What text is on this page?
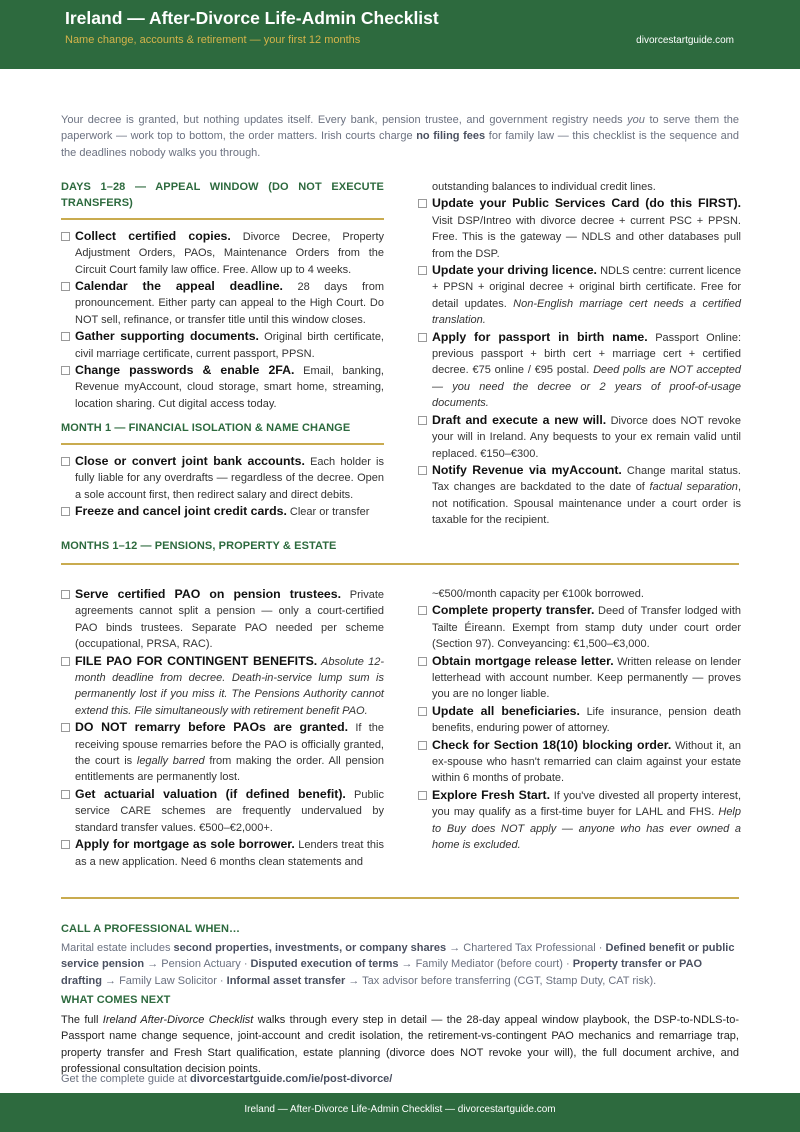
Ireland — After-Divorce Life-Admin Checklist
Name change, accounts & retirement — your first 12 months	divorcestartguide.com
Your decree is granted, but nothing updates itself. Every bank, pension trustee, and government registry needs you to serve them the paperwork — work top to bottom, the order matters. Irish courts charge no filing fees for family law — this checklist is the sequence and the deadlines nobody walks you through.
DAYS 1–28 — APPEAL WINDOW (DO NOT EXECUTE TRANSFERS)
Collect certified copies. Divorce Decree, Property Adjustment Orders, PAOs, Maintenance Orders from the Circuit Court family law office. Free. Allow up to 4 weeks.
Calendar the appeal deadline. 28 days from pronouncement. Either party can appeal to the High Court. Do NOT sell, refinance, or transfer title until this window closes.
Gather supporting documents. Original birth certificate, civil marriage certificate, current passport, PPSN.
Change passwords & enable 2FA. Email, banking, Revenue myAccount, cloud storage, smart home, streaming, location sharing. Cut digital access today.
MONTH 1 — FINANCIAL ISOLATION & NAME CHANGE
Close or convert joint bank accounts. Each holder is fully liable for any overdrafts — regardless of the decree. Open a sole account first, then redirect salary and direct debits.
Freeze and cancel joint credit cards. Clear or transfer
outstanding balances to individual credit lines.
Update your Public Services Card (do this FIRST). Visit DSP/Intreo with divorce decree + current PSC + PPSN. Free. This is the gateway — NDLS and other databases pull from the DSP.
Update your driving licence. NDLS centre: current licence + PPSN + original decree + original birth certificate. Free for detail updates. Non-English marriage cert needs a certified translation.
Apply for passport in birth name. Passport Online: previous passport + birth cert + marriage cert + certified decree. €75 online / €95 postal. Deed polls are NOT accepted — you need the decree or 2 years of proof-of-usage documents.
Draft and execute a new will. Divorce does NOT revoke your will in Ireland. Any bequests to your ex remain valid until replaced. €150–€300.
Notify Revenue via myAccount. Change marital status. Tax changes are backdated to the date of factual separation, not notification. Spousal maintenance under a court order is taxable for the recipient.
MONTHS 1–12 — PENSIONS, PROPERTY & ESTATE
Serve certified PAO on pension trustees. Private agreements cannot split a pension — only a court-certified PAO binds trustees. Separate PAO needed per scheme (occupational, PRSA, RAC).
FILE PAO FOR CONTINGENT BENEFITS. Absolute 12-month deadline from decree. Death-in-service lump sum is permanently lost if you miss it. The Pensions Authority cannot extend this. File simultaneously with retirement benefit PAO.
DO NOT remarry before PAOs are granted. If the receiving spouse remarries before the PAO is officially granted, the court is legally barred from making the order. All pension entitlements are permanently lost.
Get actuarial valuation (if defined benefit). Public service CARE schemes are frequently undervalued by standard transfer values. €500–€2,000+.
Apply for mortgage as sole borrower. Lenders treat this as a new application. Need 6 months clean statements and
~€500/month capacity per €100k borrowed.
Complete property transfer. Deed of Transfer lodged with Tailte Éireann. Exempt from stamp duty under court order (Section 97). Conveyancing: €1,500–€3,000.
Obtain mortgage release letter. Written release on lender letterhead with account number. Keep permanently — proves you are no longer liable.
Update all beneficiaries. Life insurance, pension death benefits, enduring power of attorney.
Check for Section 18(10) blocking order. Without it, an ex-spouse who hasn't remarried can claim against your estate within 6 months of probate.
Explore Fresh Start. If you've divested all property interest, you may qualify as a first-time buyer for LAHL and FHS. Help to Buy does NOT apply — anyone who has ever owned a home is excluded.
CALL A PROFESSIONAL WHEN…
Marital estate includes second properties, investments, or company shares → Chartered Tax Professional · Defined benefit or public service pension → Pension Actuary · Disputed execution of terms → Family Mediator (before court) · Property transfer or PAO drafting → Family Law Solicitor · Informal asset transfer → Tax advisor before transferring (CGT, Stamp Duty, CAT risk).
WHAT COMES NEXT
The full Ireland After-Divorce Checklist walks through every step in detail — the 28-day appeal window playbook, the DSP-to-NDLS-to-Passport name change sequence, joint-account and credit isolation, the retirement-vs-contingent PAO mechanics and remarriage trap, property transfer and Fresh Start qualification, estate planning (divorce does NOT revoke your will), the full document archive, and professional consultation decision points.
Get the complete guide at divorcestartguide.com/ie/post-divorce/
Ireland — After-Divorce Life-Admin Checklist — divorcestartguide.com
